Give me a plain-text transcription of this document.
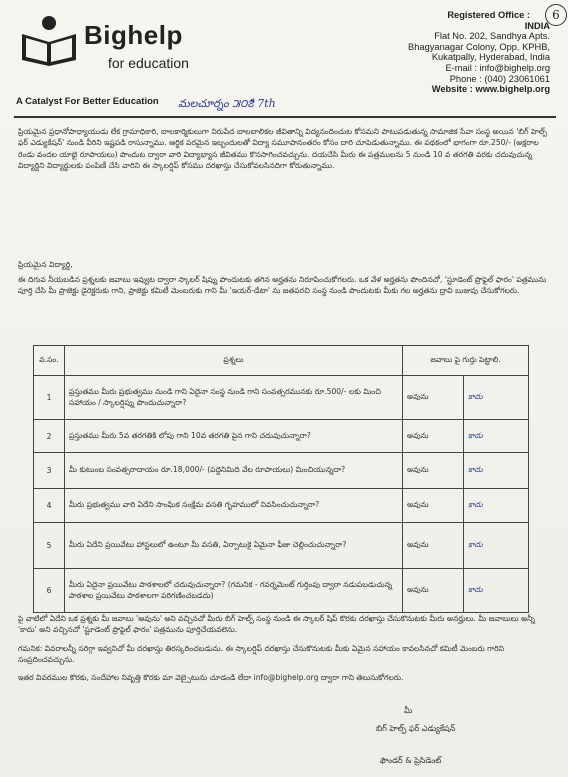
Bighelp
for education
A Catalyst For Better Education మలచూర్నం ౫౦౭ి 7th
6
Registered Office :
INDIA
Flat No. 202, Sandhya Apts.
Bhagyanagar Colony, Opp. KPHB,
Kukatpally, Hyderabad, India
E-mail : info@bighelp.org
Phone : (040) 23061061
Website : www.bighelp.org
ప్రియమైన ప్రధానోపాధ్యాయుడు లేక గ్రామాధికారి, బాలకార్మికులుగా నిరుపేద బాలబాలికల జీవితాన్ని విద్యనందించుట కోసమని పాటుపడుతున్న సామాజిక సేవా సంస్థ అయిన 'బిగ్ హెల్ప్ ఫర్ ఎడ్యుకేషన్' నుండి వీరిని ఇష్టపడి రాసున్నాము. ఆర్థిక పరమైన ఇబ్బందులతో విద్యా సమూపానంతరం కోసం దారి చూపెడుతున్నాము. ఈ పథకంలో భాగంగా రూ.250/- (అక్షరాల రెండు వందల యాభై రూపాయలు) పొందుట ద్వారా వారి విద్యాభ్యాస జీవితము కొనసాగించవచ్చును. దయచేసి మీరు ఈ పత్రములను 5 నుండి 10 వ తరగతి వరకు చదువుచున్న విద్యార్థిని విద్యార్థులకు పంపిణీ చేసి వారిని ఈ స్కాలర్షిప్ కోసము దరఖాస్తు చేసుకోవలసినదిగా కోరుతున్నాము.
ప్రియమైన విద్యార్థి,
ఈ దిగువ నీయబడిన ప్రశ్నలకు జవాబు ఇవ్వుట ద్వారా స్కాలర్ షిప్ను పొందుటకు తగిన అర్హతను నిరూపించుకోగలరు. ఒక వేళ అర్హతను పొందినచో, 'స్టూడెంట్ ప్రొఫైల్ ఫారం' పత్రమును పూర్తి చేసి మీ ప్రాజెక్టు డైరెక్టరుకు గాని, ప్రాజెక్టు కమిటీ మెంబరుకు గాని మీ 'ఇయర్-డేటా' ను జతపరచి సంస్థ నుండి పొందుటకు మీకు గల అర్హతను ద్రావి బుజువు చేసుకోగలరు.
వ.సం.	ప్రశ్నలు	జవాబు పై గుర్తు పెట్టాలి.	
1	ప్రస్తుతము మీరు ప్రభుత్వము నుండి గాని ఏదైనా సంస్థ నుండి గాని సంవత్సరమునకు రూ.500/- లకు మించి సహాయం / స్కాలర్షిప్ను పొందుచున్నారా?	అవును	కాదు
2	ప్రస్తుతము మీరు 5వ తరగతికి లోపు గాని 10వ తరగతి పైన గాని చదువుచున్నారా?	అవును	కాదు
3	మీ కుటుంబ సంవత్సరాదాయం రూ.18,000/- (పద్దెనిమిది వేల రూపాయలు) మించియున్నదా?	అవును	కాదు
4	మీరు ప్రభుత్వము వారి ఏదేని సాంఘిక సంక్షేమ వసతి గృహములో నివసించుచున్నారా?	అవును	కాదు
5	మీరు ఏదేని ప్రయివేటు హాస్టలులో ఉంటూ మీ వసతి, ఏర్పాటుకై ఏమైనా ఫీజు చెల్లించుచున్నారా?	అవును	కాదు
6	మీరు ఏదైనా ప్రయివేటు పాఠశాలలో చదువుచున్నారా? (గమనిక - గవర్నమెంట్ గుర్తింపు ద్వారా నడుపబడుచున్న పాఠశాల ప్రయివేటు పాఠశాలగా పరిగణించబడదు)	అవును	కాదు
పై వాటిలో ఏదేని ఒక ప్రశ్నకు మీ జవాబు 'అవును' అని వచ్చినచో మీరు బిగ్ హెల్ప్ సంస్థ నుండి ఈ స్కాలర్ షిప్ కొరకు దరఖాస్తు చేసుకొనుటకు మీరు అనర్హులు. మీ జవాబులు అన్నీ 'కాదు' అని వచ్చినచో 'స్టూడెంట్ ప్రొఫైల్ ఫారం' పత్రమును పూర్తిచేయవలెను.
గమనిక: వివరాలన్నీ సరిగ్గా ఇవ్వనిచో మీ దరఖాస్తు తిరస్కరించబడును. ఈ స్కాలర్షిప్ దరఖాస్తు చేసుకొనుటకు మీకు ఏమైన సహాయం కావలసినచో కమిటీ మెంబరు గారిని సంప్రదించవచ్చును.
ఇతర వివరముల కొరకు, సందేహాల నివృత్తి కొరకు మా వెబ్సైటును చూడండి లేదా info@bighelp.org ద్వారా గాని తెలుసుకోగలరు.
మీ
బిగ్ హెల్ప్ ఫర్ ఎడ్యుకేషన్
ఫౌండర్ & ప్రెసిడెంట్
